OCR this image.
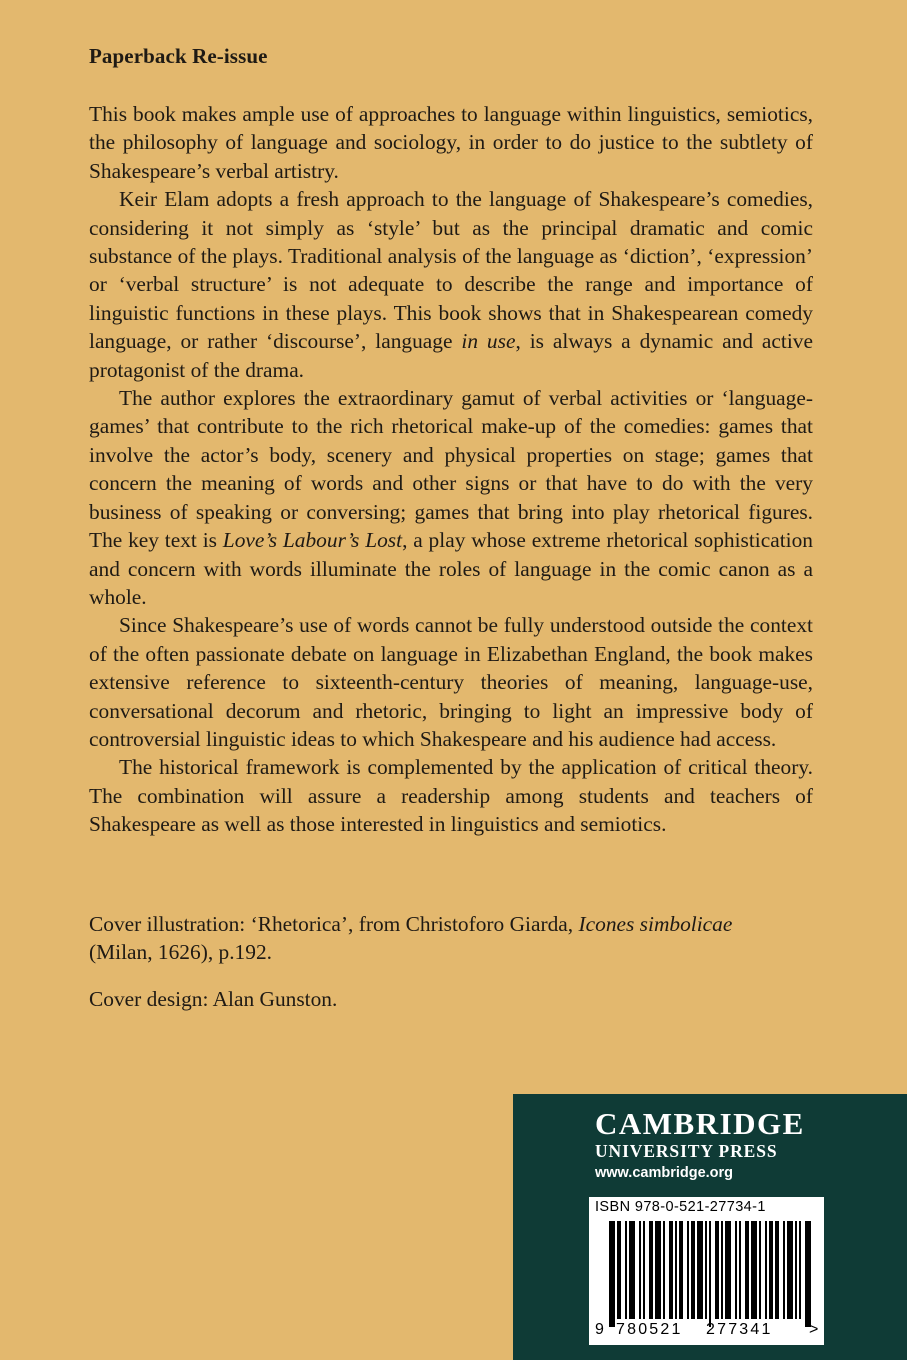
Paperback Re-issue

This book makes ample use of approaches to language within linguistics, semiotics, the philosophy of language and sociology, in order to do justice to the subtlety of Shakespeare’s verbal artistry.

Keir Elam adopts a fresh approach to the language of Shakespeare’s comedies, considering it not simply as ‘style’ but as the principal dramatic and comic substance of the plays. Traditional analysis of the language as ‘diction’, ‘expression’ or ‘verbal structure’ is not adequate to describe the range and importance of linguistic functions in these plays. This book shows that in Shakespearean comedy language, or rather ‘discourse’, language in use, is always a dynamic and active protagonist of the drama.

The author explores the extraordinary gamut of verbal activities or ‘language-games’ that contribute to the rich rhetorical make-up of the comedies: games that involve the actor’s body, scenery and physical properties on stage; games that concern the meaning of words and other signs or that have to do with the very business of speaking or conversing; games that bring into play rhetorical figures. The key text is Love’s Labour’s Lost, a play whose extreme rhetorical sophistication and concern with words illuminate the roles of language in the comic canon as a whole.

Since Shakespeare’s use of words cannot be fully understood outside the context of the often passionate debate on language in Elizabethan England, the book makes extensive reference to sixteenth-century theories of meaning, language-use, conversational decorum and rhetoric, bringing to light an impressive body of controversial linguistic ideas to which Shakespeare and his audience had access.

The historical framework is complemented by the application of critical theory. The combination will assure a readership among students and teachers of Shakespeare as well as those interested in linguistics and semiotics.

Cover illustration: ‘Rhetorica’, from Christoforo Giarda, Icones simbolicae
(Milan, 1626), p.192.

Cover design: Alan Gunston.

CAMBRIDGE
UNIVERSITY PRESS
www.cambridge.org
ISBN 978-0-521-27734-1
9 780521 277341 >
